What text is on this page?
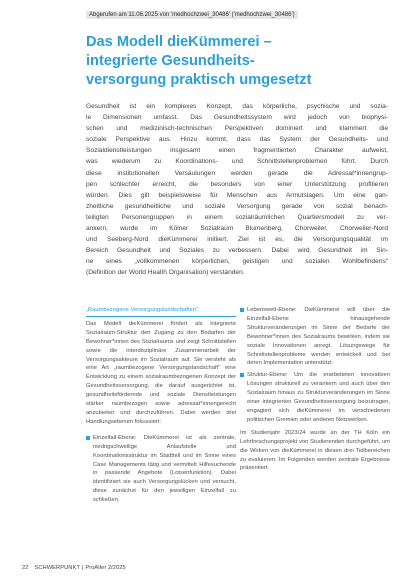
Abgerufen am 11.06.2025 von 'medhochzwei_30486' ('medhochzwei_30486')
Das Modell dieKümmerei –
integrierte Gesundheits-
versorgung praktisch umgesetzt

Gesundheit ist ein komplexes Konzept, das körperliche, psychische und sozia-

le Dimensionen umfasst. Das Gesundheitssystem wird jedoch von biophysi-

schen und medizinisch-technischen Perspektiven dominiert und klammert die

soziale Perspektive aus. Hinzu kommt, dass das System der Gesundheits- und

Sozialdienstleistungen insgesamt einen fragmentierten Charakter aufweist,

was wiederum zu Koordinations- und Schnittstellenproblemen führt. Durch

diese institutionellen Versäulungen werden gerade die Adressat*innengrup-

pen schlechter erreicht, die besonders von einer Unterstützung profitieren

würden. Dies gilt beispielsweise für Menschen aus Armutslagen. Um eine gan-

zheitliche gesundheitliche und soziale Versorgung gerade von sozial benach-

teiligten Personengruppen in einem sozialräumlichen Quartiersmodell zu ver-

ankern, wurde im Kölner Sozialraum Blumenberg, Chorweiler, Chorweiler-Nord

und Seeberg-Nord dieKümmerei initiiert. Ziel ist es, die Versorgungsqualität im

Bereich Gesundheit und Soziales zu verbessern. Dabei wird Gesundheit im Sin-

ne eines „vollkommenen körperlichen, geistigen und sozialen Wohlbefindens“

(Definition der World Health Organisation) verstanden.

„Raumbezogene Versorgungslandschaften“

Das Modell dieKümmerei fördert als integrierte Sozialraum-Struktur den Zugang zu den Bedarfen der Bewohner*innen des Sozialraums und zeigt Schnittstellen sowie die interdisziplinäre Zusammenarbeit der Versorgungsakteure im Sozialraum auf. Sie versteht als eine Art „raumbezogene Versorgungslandschaft“ eine Entwicklung zu einem sozialraumbezogenen Konzept der Gesundheitsversorgung, die darauf ausgerichtet ist, gesundheitsfördernde und soziale Dienstleistungen stärker raumbezogen sowie adressat*innengerecht anzubieten und durchzuführen. Dabei werden drei Handlungsebenen fokussiert:

Einzelfall-Ebene: DieKümmerei ist als zentrale, niedrigschwellige Anlaufstelle und Koordinationsstruktur im Stadtteil und im Sinne eines Case Managements tätig und vermittelt Hilfesuchende in passende Angebote (Lotsenfunktion). Dabei identifiziert sie auch Versorgungslücken und versucht, diese zunächst für den jeweiligen Einzelfall zu schließen.
Lebenswelt-Ebene: DieKümmerei will über die Einzelfall-Ebene hinausgehende Strukturveränderungen im Sinne der Bedarfe der Bewohner*innen des Sozialraums bewirken, indem sie soziale Innovationen anregt. Lösungswege für Schnittstellenprobleme werden entwickelt und bei deren Implementation unterstützt.
Struktur-Ebene: Um die erarbeiteten innovativen Lösungen strukturell zu verankern und auch über den Sozialraum hinaus zu Strukturveränderungen im Sinne einer integrierten Gesundheitsversorgung beizutragen, engagiert sich dieKümmerei im verschiedenen politischen Gremien oder anderen Netzwerken.

Im Studienjahr 2023/24 wurde an der TH Köln ein Lehrforschungsprojekt von Studierenden durchgeführt, um die Wirken von dieKümmerei in diesen drei Teilbereichen zu evaluieren. Im Folgenden werden zentrale Ergebnisse präsentiert.

22 SCHWERPUNKT | ProAlter 2/2025
